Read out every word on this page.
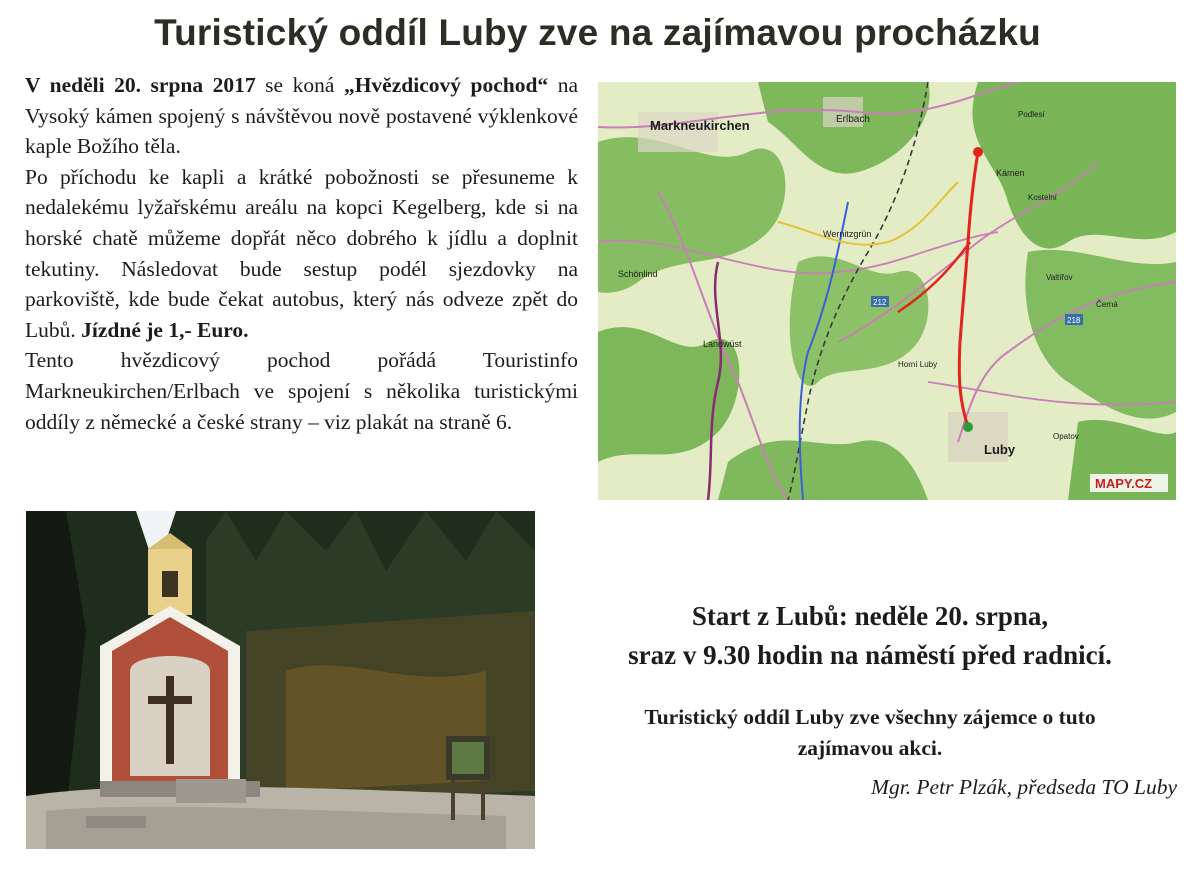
Turistický oddíl Luby zve na zajímavou procházku

V neděli 20. srpna 2017 se koná „Hvězdicový pochod“ na Vysoký kámen spojený s návštěvou nově postavené výklenkové kaple Božího těla.

Po příchodu ke kapli a krátké pobožnosti se přesuneme k nedalekému lyžařskému areálu na kopci Kegelberg, kde si na horské chatě můžeme dopřát něco dobrého k jídlu a doplnit tekutiny. Následovat bude sestup podél sjezdovky na parkoviště, kde bude čekat autobus, který nás odveze zpět do Lubů. Jízdné je 1,- Euro.

Tento hvězdicový pochod pořádá Touristinfo Markneukirchen/Erlbach ve spojení s několika turistickými oddíly z německé a české strany – viz plakát na straně 6.

Markneukirchen	Erlbach
Kámen
Luby
Schönlind
Landwüst
Wernitzgrün
Horní Luby
Podlesí
Kostelní
Valtířov
Černá
Opatov
212
218
MAPY.CZ
Start z Lubů: neděle 20. srpna,
sraz v 9.30 hodin na náměstí před radnicí.
Turistický oddíl Luby zve všechny zájemce o tuto
zajímavou akci.
Mgr. Petr Plzák, předseda TO Luby
